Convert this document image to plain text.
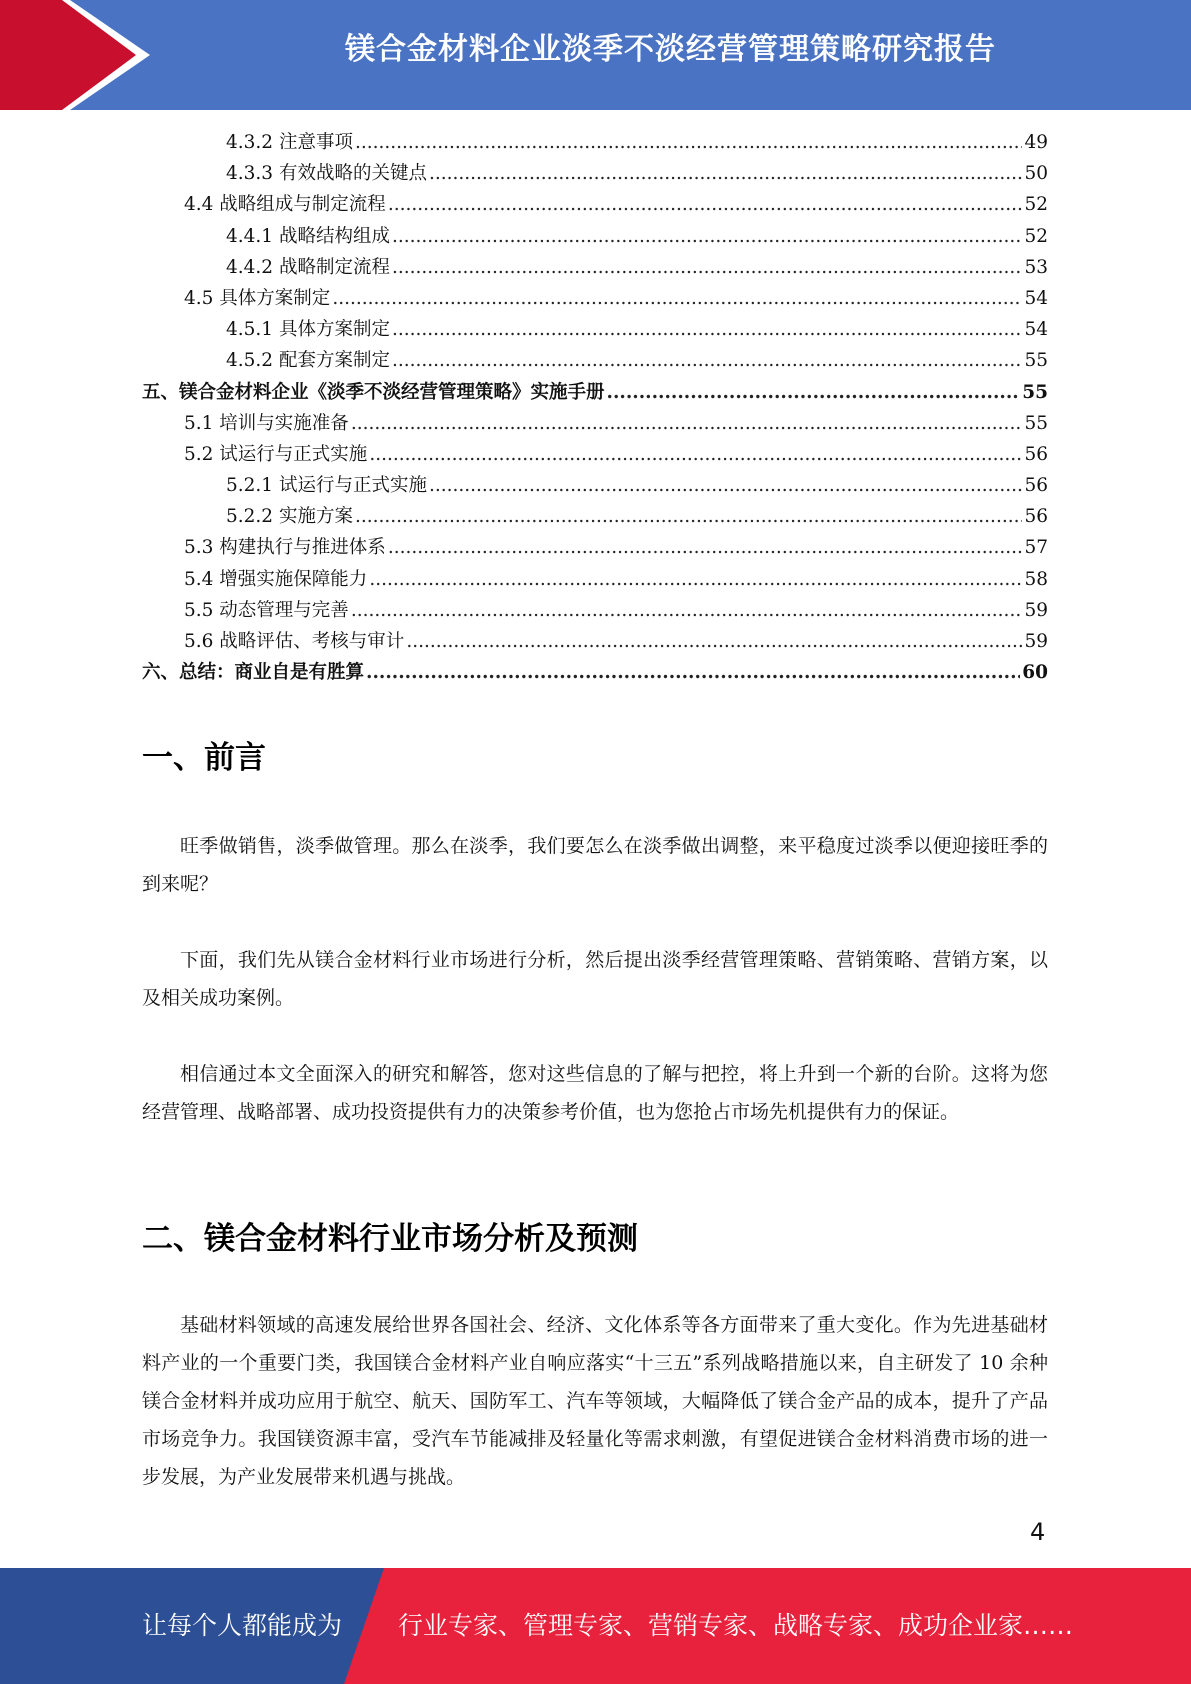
镁合金材料企业淡季不淡经营管理策略研究报告
4.3.2 注意事项 .....	49
4.3.3 有效战略的关键点 .....	50
4.4 战略组成与制定流程 .....	52
4.4.1 战略结构组成 .....	52
4.4.2 战略制定流程 .....	53
4.5 具体方案制定 .....	54
4.5.1 具体方案制定 .....	54
4.5.2 配套方案制定 .....	55
五、镁合金材料企业《淡季不淡经营管理策略》实施手册 .....	55
5.1 培训与实施准备 .....	55
5.2 试运行与正式实施 .....	56
5.2.1 试运行与正式实施 .....	56
5.2.2 实施方案 .....	56
5.3 构建执行与推进体系 .....	57
5.4 增强实施保障能力 .....	58
5.5 动态管理与完善 .....	59
5.6 战略评估、考核与审计 .....	59
六、总结：商业自是有胜算 .....	60
一、前言
旺季做销售，淡季做管理。那么在淡季，我们要怎么在淡季做出调整，来平稳度过淡季以便迎接旺季的到来呢？
下面，我们先从镁合金材料行业市场进行分析，然后提出淡季经营管理策略、营销策略、营销方案，以及相关成功案例。
相信通过本文全面深入的研究和解答，您对这些信息的了解与把控，将上升到一个新的台阶。这将为您经营管理、战略部署、成功投资提供有力的决策参考价值，也为您抢占市场先机提供有力的保证。
二、镁合金材料行业市场分析及预测
基础材料领域的高速发展给世界各国社会、经济、文化体系等各方面带来了重大变化。作为先进基础材料产业的一个重要门类，我国镁合金材料产业自响应落实“十三五”系列战略措施以来，自主研发了 10 余种镁合金材料并成功应用于航空、航天、国防军工、汽车等领域，大幅降低了镁合金产品的成本，提升了产品市场竞争力。我国镁资源丰富，受汽车节能减排及轻量化等需求刺激，有望促进镁合金材料消费市场的进一步发展，为产业发展带来机遇与挑战。
4
让每个人都能成为 行业专家、管理专家、营销专家、战略专家、成功企业家……
